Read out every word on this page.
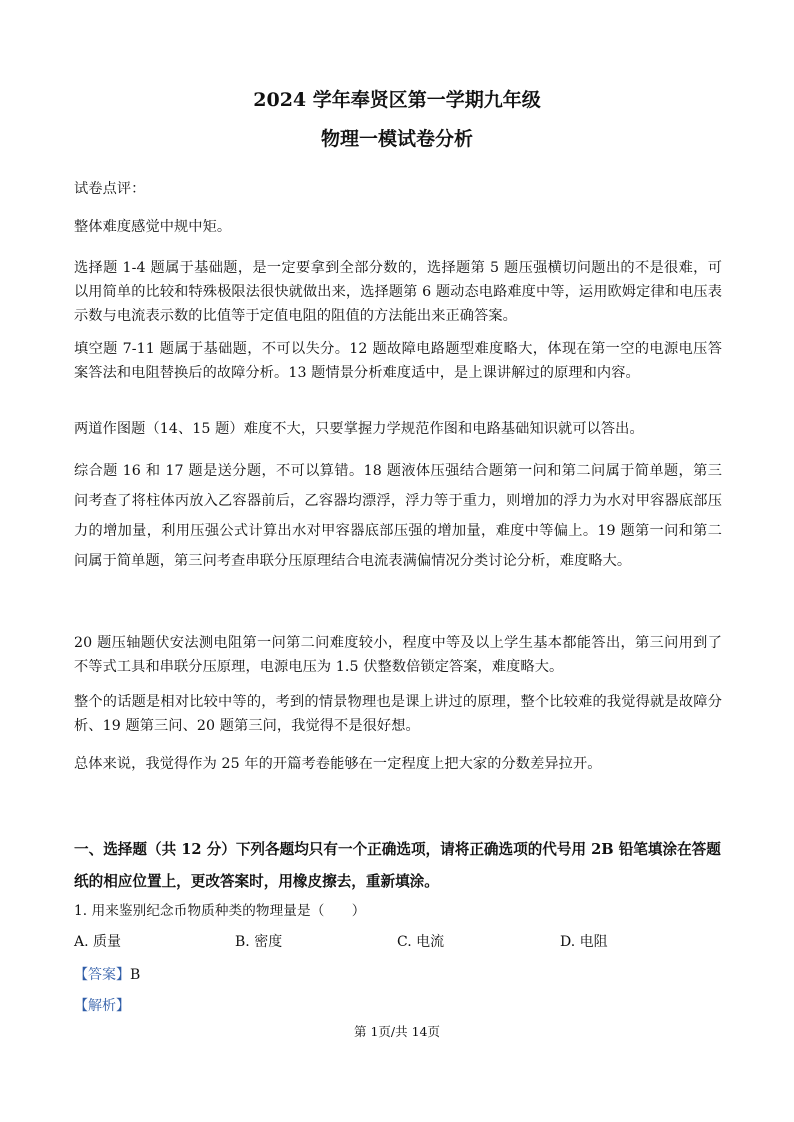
2024 学年奉贤区第一学期九年级
物理一模试卷分析
试卷点评：
整体难度感觉中规中矩。
选择题 1-4 题属于基础题，是一定要拿到全部分数的，选择题第 5 题压强横切问题出的不是很难，可以用简单的比较和特殊极限法很快就做出来，选择题第 6 题动态电路难度中等，运用欧姆定律和电压表示数与电流表示数的比值等于定值电阻的阻值的方法能出来正确答案。
填空题 7-11 题属于基础题，不可以失分。12 题故障电路题型难度略大，体现在第一空的电源电压答案答法和电阻替换后的故障分析。13 题情景分析难度适中，是上课讲解过的原理和内容。
两道作图题（14、15 题）难度不大，只要掌握力学规范作图和电路基础知识就可以答出。
综合题 16 和 17 题是送分题，不可以算错。18 题液体压强结合题第一问和第二问属于简单题，第三问考查了将柱体丙放入乙容器前后，乙容器均漂浮，浮力等于重力，则增加的浮力为水对甲容器底部压力的增加量，利用压强公式计算出水对甲容器底部压强的增加量，难度中等偏上。19 题第一问和第二问属于简单题，第三问考查串联分压原理结合电流表满偏情况分类讨论分析，难度略大。
20 题压轴题伏安法测电阻第一问第二问难度较小，程度中等及以上学生基本都能答出，第三问用到了不等式工具和串联分压原理，电源电压为 1.5 伏整数倍锁定答案，难度略大。
整个的话题是相对比较中等的，考到的情景物理也是课上讲过的原理，整个比较难的我觉得就是故障分析、19 题第三问、20 题第三问，我觉得不是很好想。
总体来说，我觉得作为 25 年的开篇考卷能够在一定程度上把大家的分数差异拉开。
一、选择题（共 12 分）下列各题均只有一个正确选项，请将正确选项的代号用 2B 铅笔填涂在答题纸的相应位置上，更改答案时，用橡皮擦去，重新填涂。
1. 用来鉴别纪念币物质种类的物理量是（　　）
A. 质量	B. 密度	C. 电流	D. 电阻
【答案】B
【解析】
第 1页/共 14页
